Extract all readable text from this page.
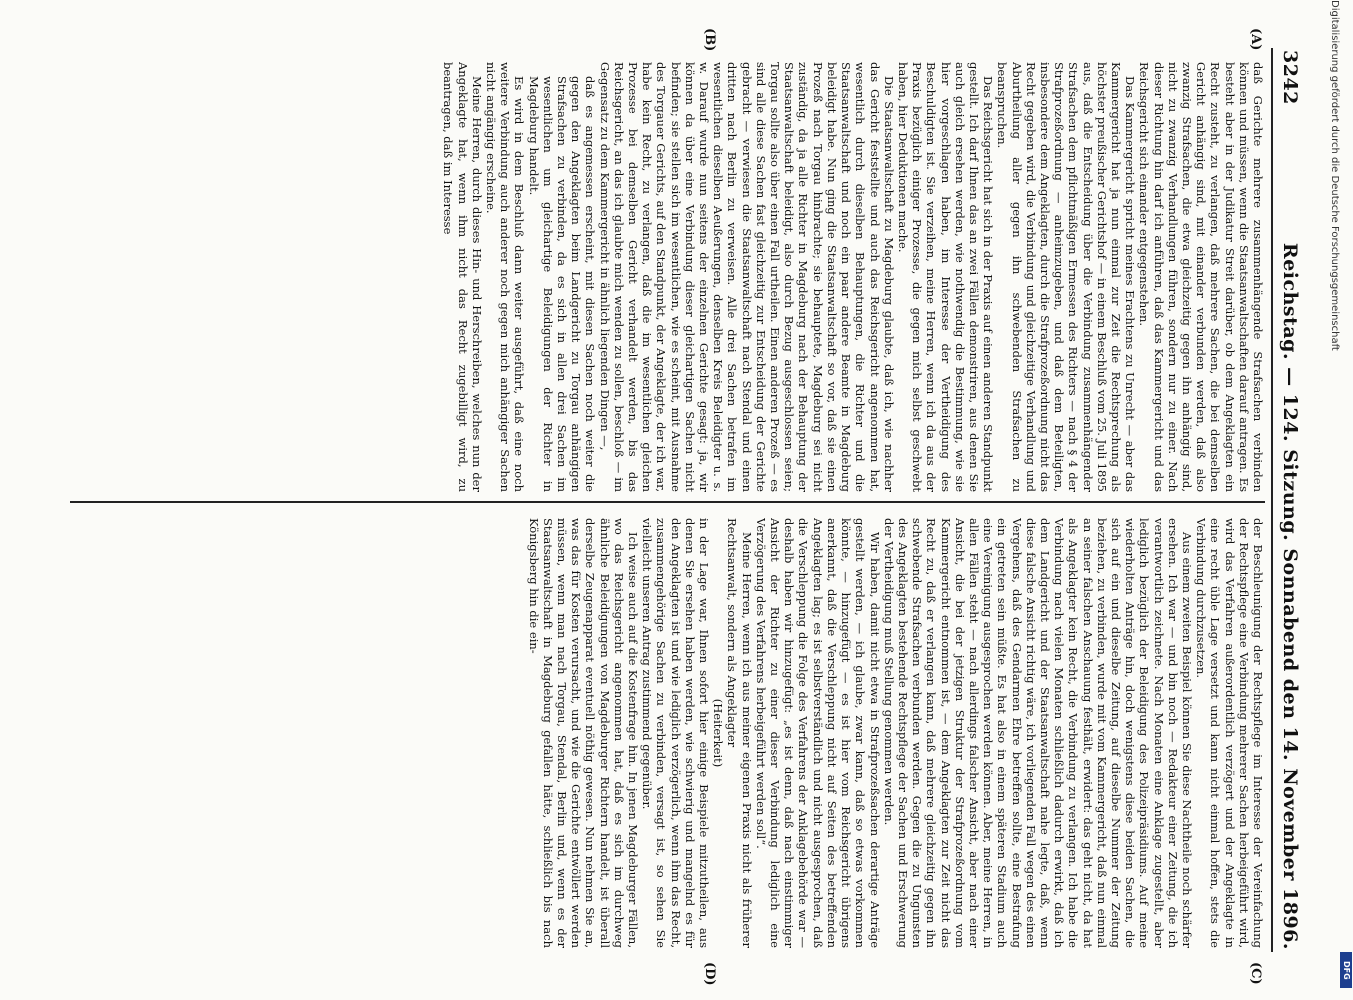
3242
Reichstag. — 124. Sitzung. Sonnabend den 14. November 1896.
(A)
(B)
(C)
(D)

daß Gerichte mehrere zusammenhängende Strafsachen verbinden können und müssen, wenn die Staatsanwaltschaften darauf antragen. Es besteht aber in der Judikatur Streit darüber, ob dem Angeklagten ein Recht zusteht, zu verlangen, daß mehrere Sachen, die bei demselben Gericht anhängig sind, mit einander verbunden werden, daß also zwanzig Strafsachen, die etwa gleichzeitig gegen ihn anhängig sind, nicht zu zwanzig Verhandlungen führen, sondern nur zu einer. Nach dieser Richtung hin darf ich anführen, daß das Kammergericht und das Reichsgericht sich einander entgegenstehen.

Das Kammergericht spricht meines Erachtens zu Unrecht — aber das Kammergericht hat ja nun einmal zur Zeit die Rechtsprechung als höchster preußischer Gerichtshof — in einem Beschluß vom 25. Juli 1895 aus, daß die Entscheidung über die Verbindung zusammenhängender Strafsachen dem pflichtmäßigen Ermessen des Richters — nach § 4 der Strafprozeßordnung — anheimzugeben, und daß dem Beteiligten, insbesondere dem Angeklagten, durch die Strafprozeßordnung nicht das Recht gegeben wird, die Verbindung und gleichzeitige Verhandlung und Aburtheilung aller gegen ihn schwebenden Strafsachen zu beanspruchen.

Das Reichsgericht hat sich in der Praxis auf einen anderen Standpunkt gestellt. Ich darf Ihnen das an zwei Fällen demonstriren, aus denen Sie auch gleich ersehen werden, wie nothwendig die Bestimmung, wie sie hier vorgeschlagen haben, im Interesse der Vertheidigung des Beschuldigten ist. Sie verzeihen, meine Herren, wenn ich da aus der Praxis bezüglich einiger Prozesse, die gegen mich selbst geschwebt haben, hier Deduktionen mache.

Die Staatsanwaltschaft zu Magdeburg glaubte, daß ich, wie nachher das Gericht feststellte und auch das Reichsgericht angenommen hat, wesentlich durch dieselben Behauptungen, die Richter und die Staatsanwaltschaft und noch ein paar andere Beamte in Magdeburg beleidigt habe. Nun ging die Staatsanwaltschaft so vor, daß sie einen Prozeß nach Torgau hinbrachte; sie behauptete, Magdeburg sei nicht zuständig, da ja alle Richter in Magdeburg nach der Behauptung der Staatsanwaltschaft beleidigt, also durch Bezug ausgeschlossen seien; Torgau sollte also über einen Fall urtheilen. Einen anderen Prozeß — es sind alle diese Sachen fast gleichzeitig zur Entscheidung der Gerichte gebracht — verwiesen die Staatsanwaltschaft nach Stendal und einen dritten nach Berlin zu verweisen. Alle drei Sachen betrafen im wesentlichen dieselben Aeußerungen, denselben Kreis Beleidigter u. s. w. Darauf wurde nun seitens der einzelnen Gerichte gesagt: ja, wir können da über eine Verbindung dieser gleichartigen Sachen nicht befinden; sie stellen sich im wesentlichen, wie es scheint, mit Ausnahme des Torgauer Gerichts, auf den Standpunkt, der Angeklagte, der ich war, habe kein Recht, zu verlangen, daß die im wesentlichen gleichen Prozesse bei demselben Gericht verhandelt werden, bis das Reichsgericht, an das ich glaubte mich wenden zu sollen, beschloß — im Gegensatz zu dem Kammergericht in ähnlich liegenden Dingen —,

daß es angemessen erscheint, mit diesen Sachen noch weiter die gegen den Angeklagten beim Landgericht zu Torgau anhängigen Strafsachen zu verbinden, da es sich in allen drei Sachen im wesentlichen um gleichartige Beleidigungen der Richter in Magdeburg handelt.

Es wird in dem Beschluß dann weiter ausgeführt, daß eine noch weitere Verbindung auch anderer noch gegen mich anhängiger Sachen nicht angängig erscheine.

Meine Herren, durch dieses Hin- und Herschreiben, welches nun der Angeklagte hat, wenn ihm nicht das Recht zugebilligt wird, zu beantragen, daß im Interesse

der Beschleunigung der Rechtspflege im Interesse der Vereinfachung der Rechtspflege eine Verbindung mehrerer Sachen herbeigeführt wird, wird das Verfahren außerordentlich verzögert und der Angeklagte in eine recht üble Lage versetzt und kann nicht einmal hoffen, stets die Verbindung durchzusetzen.

Aus einem zweiten Beispiel können Sie diese Nachtheile noch schärfer ersehen. Ich war — und bin noch — Redakteur einer Zeitung, die ich verantwortlich zeichnete. Nach Monaten eine Anklage zugestellt, aber lediglich bezüglich der Beleidigung des Polizeipräsidiums. Auf meine wiederholten Anträge hin, doch wenigstens diese beiden Sachen, die sich auf ein und dieselbe Zeitung, auf dieselbe Nummer der Zeitung beziehen, zu verbinden, wurde mit vom Kammergericht, daß nun einmal an seiner falschen Anschauung festhält, erwidert: das geht nicht, da hat als Angeklagter kein Recht, die Verbindung zu verlangen. Ich habe die Verbindung nach vielen Monaten schließlich dadurch erwirkt, daß ich dem Landgericht und der Staatsanwaltschaft nahe legte, daß, wenn diese falsche Ansicht richtig wäre, ich vorliegenden Fall wegen des einen Vergehens, daß des Gendarmen Ehre betreffen sollte, eine Bestrafung ein getreten sein müßte. Es hat also in einem späteren Stadium auch eine Vereinigung ausgesprochen werden können. Aber, meine Herren, in allen Fällen steht — nach allerdings falscher Ansicht, aber nach einer Ansicht, die bei der jetzigen Struktur der Strafprozeßordnung vom Kammergericht entnommen ist, — dem Angeklagten zur Zeit nicht das Recht zu, daß er verlangen kann, daß mehrere gleichzeitig gegen ihn schwebende Strafsachen verbunden werden. Gegen die zu Ungunsten des Angeklagten bestehende Rechtspflege der Sachen und Erschwerung der Vertheidigung muß Stellung genommen werden.

Wir haben, damit nicht etwa in Strafprozeßsachen derartige Anträge gestellt werden, — ich glaube, zwar kann, daß so etwas vorkommen könnte, — hinzugefügt — es ist hier vom Reichsgericht übrigens anerkannt, daß die Verschleppung nicht auf Seiten des betreffenden Angeklagten lag; es ist selbstverständlich und nicht ausgesprochen, daß die Verschleppung die Folge des Verfahrens der Anklagebehörde war — deshalb haben wir hinzugefügt: „es ist denn, daß nach einstimmiger Ansicht der Richter zu einer dieser Verbindung lediglich eine Verzögerung des Verfahrens herbeigeführt werden soll“.

Meine Herren, wenn ich aus meiner eigenen Praxis nicht als früherer Rechtsanwalt, sondern als Angeklagter

(Heiterkeit)

in der Lage war, Ihnen sofort hier einige Beispiele mitzutheilen, aus denen Sie ersehen haben werden, wie schwierig und mangelnd es für den Angeklagten ist und wie lediglich verzögerlich, wenn ihm das Recht, zusammengehörige Sachen zu verbinden, versagt ist, so sehen Sie vielleicht unseren Antrag zustimmend gegenüber.

Ich weise auch auf die Kostenfrage hin. In jenen Magdeburger Fällen, wo das Reichsgericht angenommen hat, daß es sich im durchweg ähnliche Beleidigungen von Magdeburger Richtern handelt, ist überall derselbe Zeugenapparat eventuell nöthig gewesen. Nun nehmen Sie an, was das für Kosten verursacht, und wie die Gerichte entwöllert werden müssen, wenn man nach Torgau, Stendal, Berlin und, wenn es der Staatsanwaltschaft in Magdeburg gefallen hätte, schließlich bis nach Königsberg hin die ein-

Digitalisierung gefördert durch die Deutsche Forschungsgemeinschaft
DFG
